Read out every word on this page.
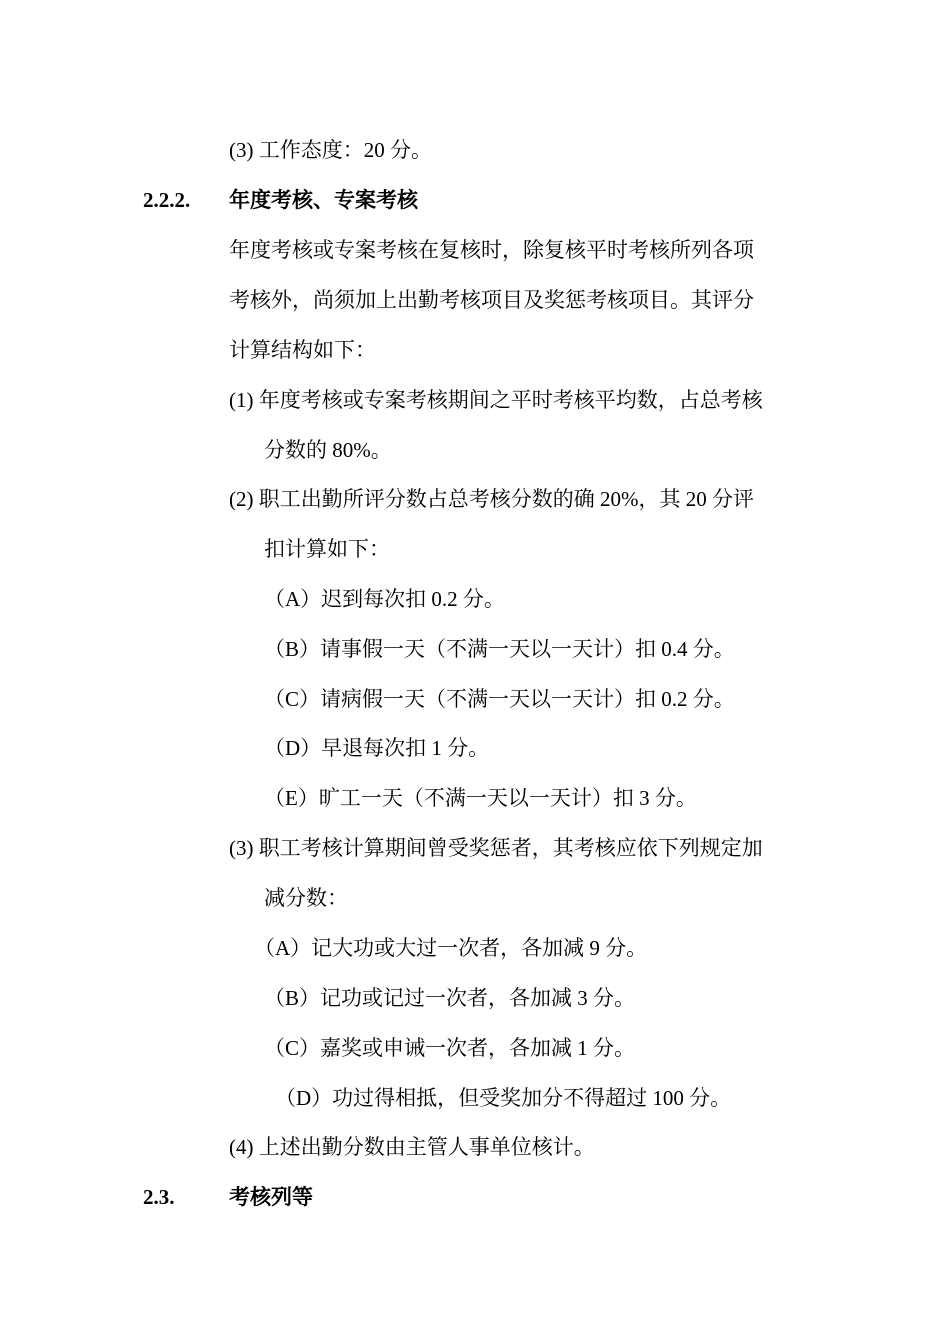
(3) 工作态度：20 分。
2.2.2. 年度考核、专案考核
年度考核或专案考核在复核时，除复核平时考核所列各项
考核外，尚须加上出勤考核项目及奖惩考核项目。其评分
计算结构如下：
(1) 年度考核或专案考核期间之平时考核平均数，占总考核
分数的 80%。
(2) 职工出勤所评分数占总考核分数的确 20%，其 20 分评
扣计算如下：
（A）迟到每次扣 0.2 分。
（B）请事假一天（不满一天以一天计）扣 0.4 分。
（C）请病假一天（不满一天以一天计）扣 0.2 分。
（D）早退每次扣 1 分。
（E）旷工一天（不满一天以一天计）扣 3 分。
(3) 职工考核计算期间曾受奖惩者，其考核应依下列规定加
减分数：
（A）记大功或大过一次者，各加减 9 分。
（B）记功或记过一次者，各加减 3 分。
（C）嘉奖或申诫一次者，各加减 1 分。
（D）功过得相抵，但受奖加分不得超过 100 分。
(4) 上述出勤分数由主管人事单位核计。
2.3.	考核列等
